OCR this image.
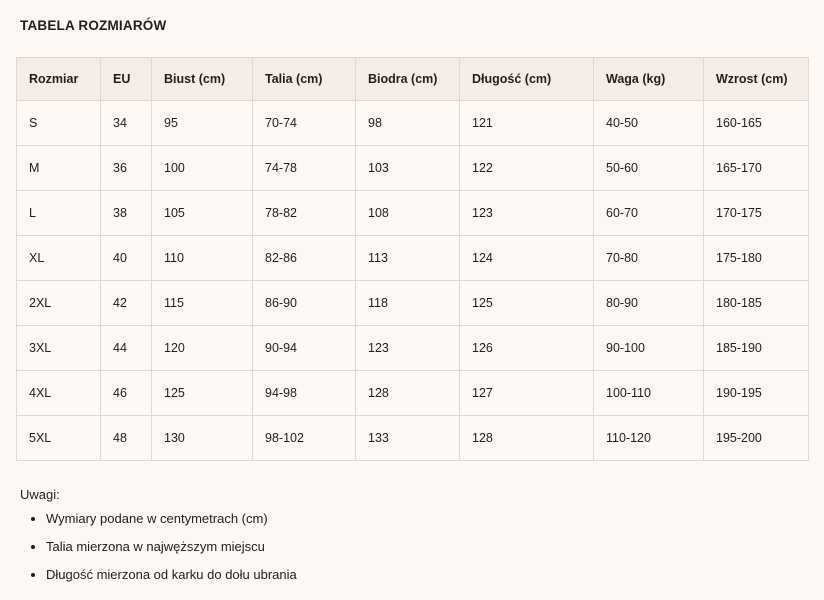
TABELA ROZMIARÓW
Rozmiar	EU	Biust (cm)	Talia (cm)	Biodra (cm)	Długość (cm)	Waga (kg)	Wzrost (cm)
S	34	95	70-74	98	121	40-50	160-165
M	36	100	74-78	103	122	50-60	165-170
L	38	105	78-82	108	123	60-70	170-175
XL	40	110	82-86	113	124	70-80	175-180
2XL	42	115	86-90	118	125	80-90	180-185
3XL	44	120	90-94	123	126	90-100	185-190
4XL	46	125	94-98	128	127	100-110	190-195
5XL	48	130	98-102	133	128	110-120	195-200
Uwagi:
• Wymiary podane w centymetrach (cm)
• Talia mierzona w najwęższym miejscu
• Długość mierzona od karku do dołu ubrania
